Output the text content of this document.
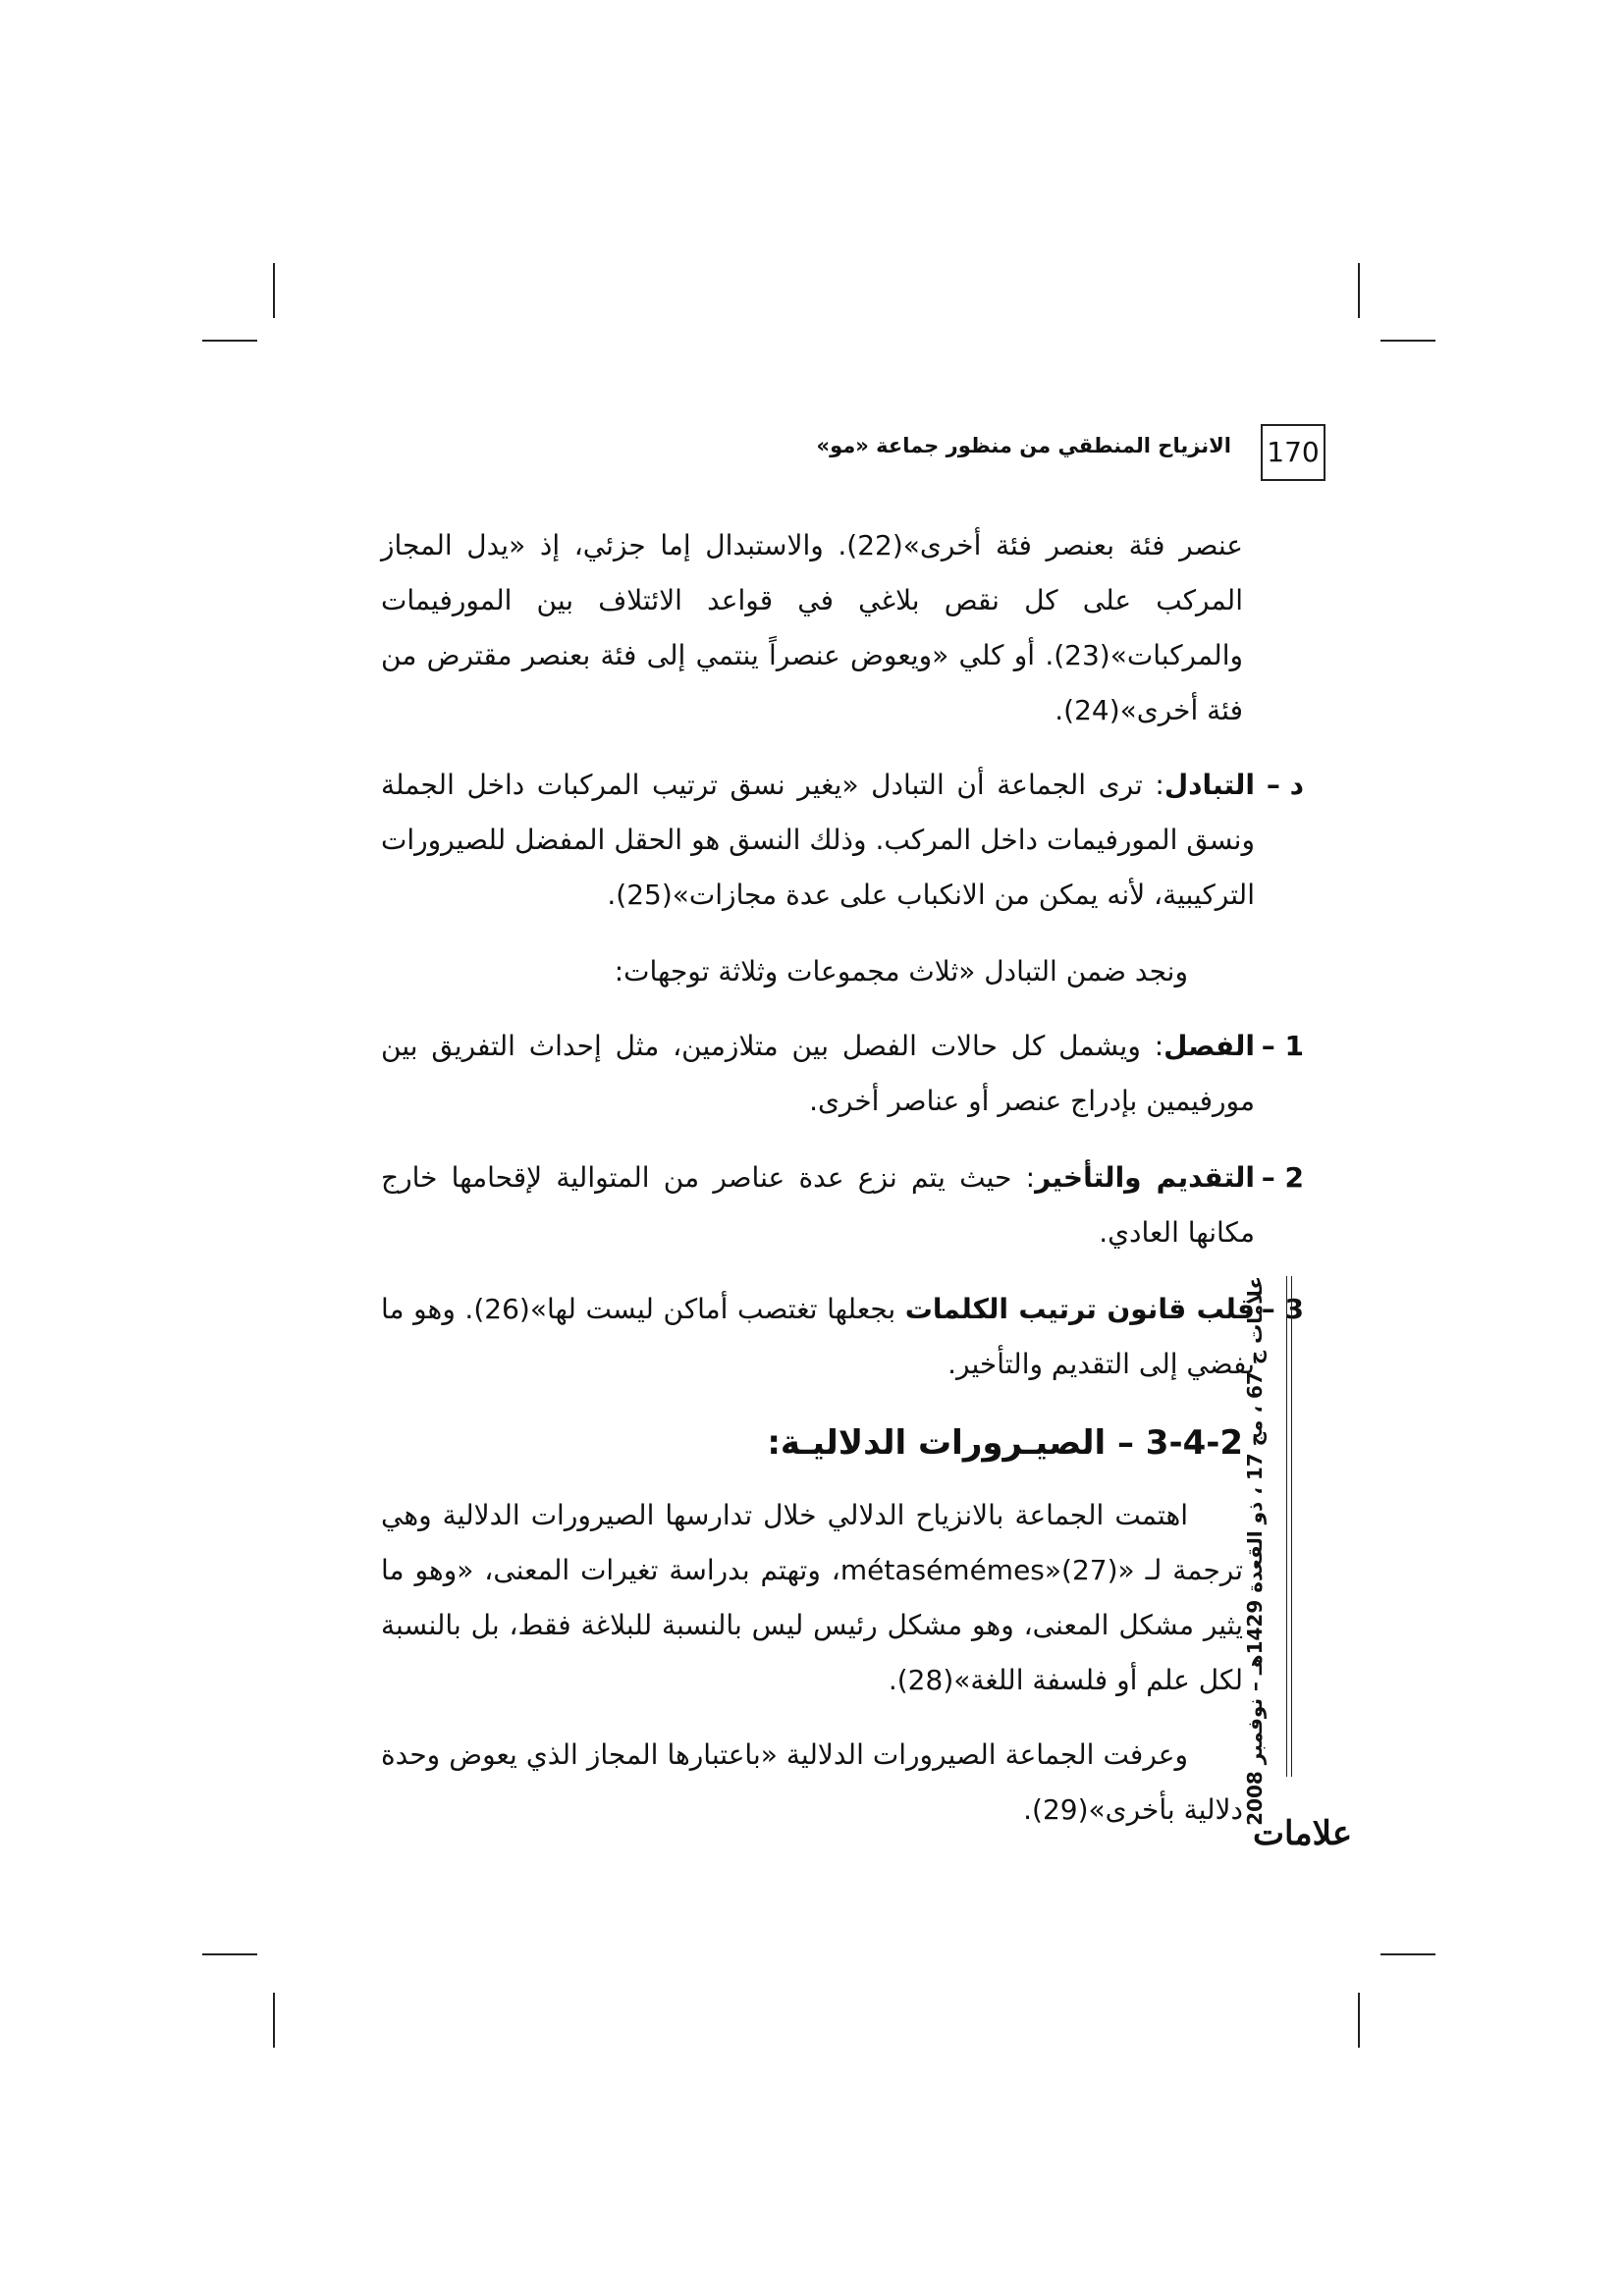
170
الانزياح المنطقي من منظور جماعة «مو»

عنصر فئة بعنصر فئة أخرى»(22). والاستبدال إما جزئي، إذ «يدل المجاز المركب على كل نقص بلاغي في قواعد الائتلاف بين المورفيمات والمركبات»(23). أو كلي «ويعوض عنصراً ينتمي إلى فئة بعنصر مقترض من فئة أخرى»(24).

د –
التبادل: ترى الجماعة أن التبادل «يغير نسق ترتيب المركبات داخل الجملة ونسق المورفيمات داخل المركب. وذلك النسق هو الحقل المفضل للصيرورات التركيبية، لأنه يمكن من الانكباب على عدة مجازات»(25).

ونجد ضمن التبادل «ثلاث مجموعات وثلاثة توجهات:

1 –
الفصل: ويشمل كل حالات الفصل بين متلازمين، مثل إحداث التفريق بين مورفيمين بإدراج عنصر أو عناصر أخرى.
2 –
التقديم والتأخير: حيث يتم نزع عدة عناصر من المتوالية لإقحامها خارج مكانها العادي.
3 –
قلب قانون ترتيب الكلمات بجعلها تغتصب أماكن ليست لها»(26). وهو ما يفضي إلى التقديم والتأخير.
3-4-2 – الصيـرورات الدلاليـة:

اهتمت الجماعة بالانزياح الدلالي خلال تدارسها الصيرورات الدلالية وهي ترجمة لـ «métasémémes»(27)، وتهتم بدراسة تغيرات المعنى، «وهو ما يثير مشكل المعنى، وهو مشكل رئيس ليس بالنسبة للبلاغة فقط، بل بالنسبة لكل علم أو فلسفة اللغة»(28).

وعرفت الجماعة الصيرورات الدلالية «باعتبارها المجاز الذي يعوض وحدة دلالية بأخرى»(29). علامات ج 67 ، مج 17 ، ذو القعدة 1429هـ – نوفمبر 2008
علامات
